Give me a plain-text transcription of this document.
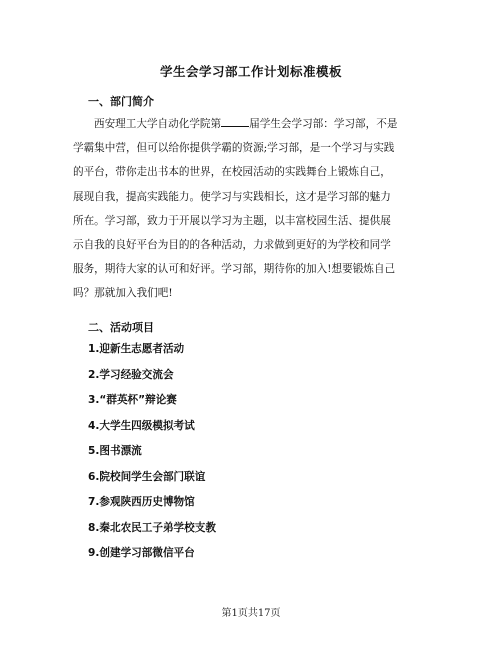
学生会学习部工作计划标准模板
一、部门简介
西安理工大学自动化学院第	届学生会学习部：学习部，不是
学霸集中营，但可以给你提供学霸的资源;学习部，是一个学习与实践
的平台，带你走出书本的世界，在校园活动的实践舞台上锻炼自己，
展现自我，提高实践能力。使学习与实践相长，这才是学习部的魅力
所在。学习部，致力于开展以学习为主题，以丰富校园生活、提供展
示自我的良好平台为目的的各种活动，力求做到更好的为学校和同学
服务，期待大家的认可和好评。学习部，期待你的加入!想要锻炼自己
吗？那就加入我们吧!
二、活动项目
1.迎新生志愿者活动
2.学习经验交流会
3.“群英杯”辩论赛
4.大学生四级模拟考试
5.图书漂流
6.院校间学生会部门联谊
7.参观陕西历史博物馆
8.秦北农民工子弟学校支教
9.创建学习部微信平台
第1页共17页
